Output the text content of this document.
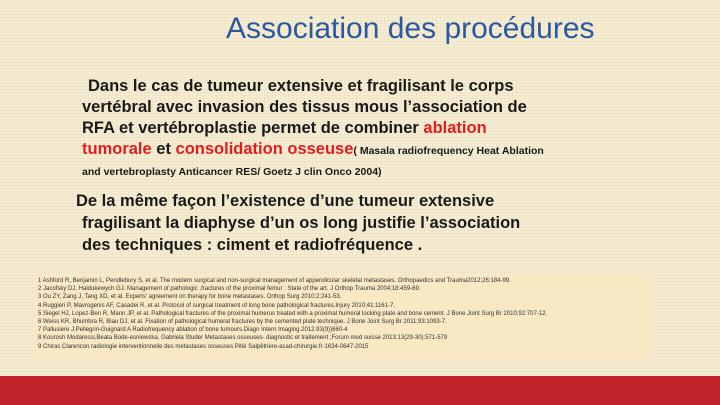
Association des procédures
Dans le cas de tumeur extensive et fragilisant le corps
vertébral avec invasion des tissus mous l’association de
RFA et vertébroplastie permet de combiner ablation
tumorale et consolidation osseuse( Masala radiofrequency Heat Ablation
and vertebroplasty Anticancer RES/ Goetz J clin Onco 2004)
De la même façon l’existence d’une tumeur extensive
fragilisant la diaphyse d’un os long justifie l’association
des techniques : ciment et radiofréquence .
1 Ashford R, Benjamin L, Pendlebury S, et al. The modern surgical and non-surgical management of appendicular skeletal metastases. Orthopaedics and Trauma2012;26:184-99.
2 Jacofsky DJ, Haidukewych GJ. Management of pathologic ,fractures of the proximal femur : State of the art. J Orthop Trauma 2004;18:459-69.
3 Ou ZY, Zang J, Tang XD, et al. Experts' agreement on therapy for bone metastases. Orthop Surg 2010;2:241-53.
4 Ruggieri P, Mavrogenis AF, Casadei R, et al. Protocol of surgical treatment of long bone pathological fractures.Injury 2010;41:1161-7.
5 Siegel HJ, Lopez-Ben R, Mann JP, et al. Pathological fractures of the proximal humerus treated with a proximal humeral locking plate and bone cement. J Bone Joint Surg Br 2010;92:707-12.
6 Weiss KR, Bhumbra R, Biau DJ, et al. Fixation of pathological humeral fractures by the cemented plate technique. J Bone Joint Surg Br 2011;93:1093-7.
7 Pallusiere J;Pellegrin-Guignard A Radiofrequency ablation of bone tumours.Diagn Intern Imaging.2012.93(9))660-4
8 Kourosh Modaressi,Beata Bode-esniewska, Gabriela Studer Metastases osseuses- diagnostic et traitement ;Forum med suisse 2013;13(29-30):571-579
9 Chiras Clarencon radiologie interventionnelle des metastases osseuses Pitié Salpêtrière-acad-chirurgie.fr-1634-0647-2015
